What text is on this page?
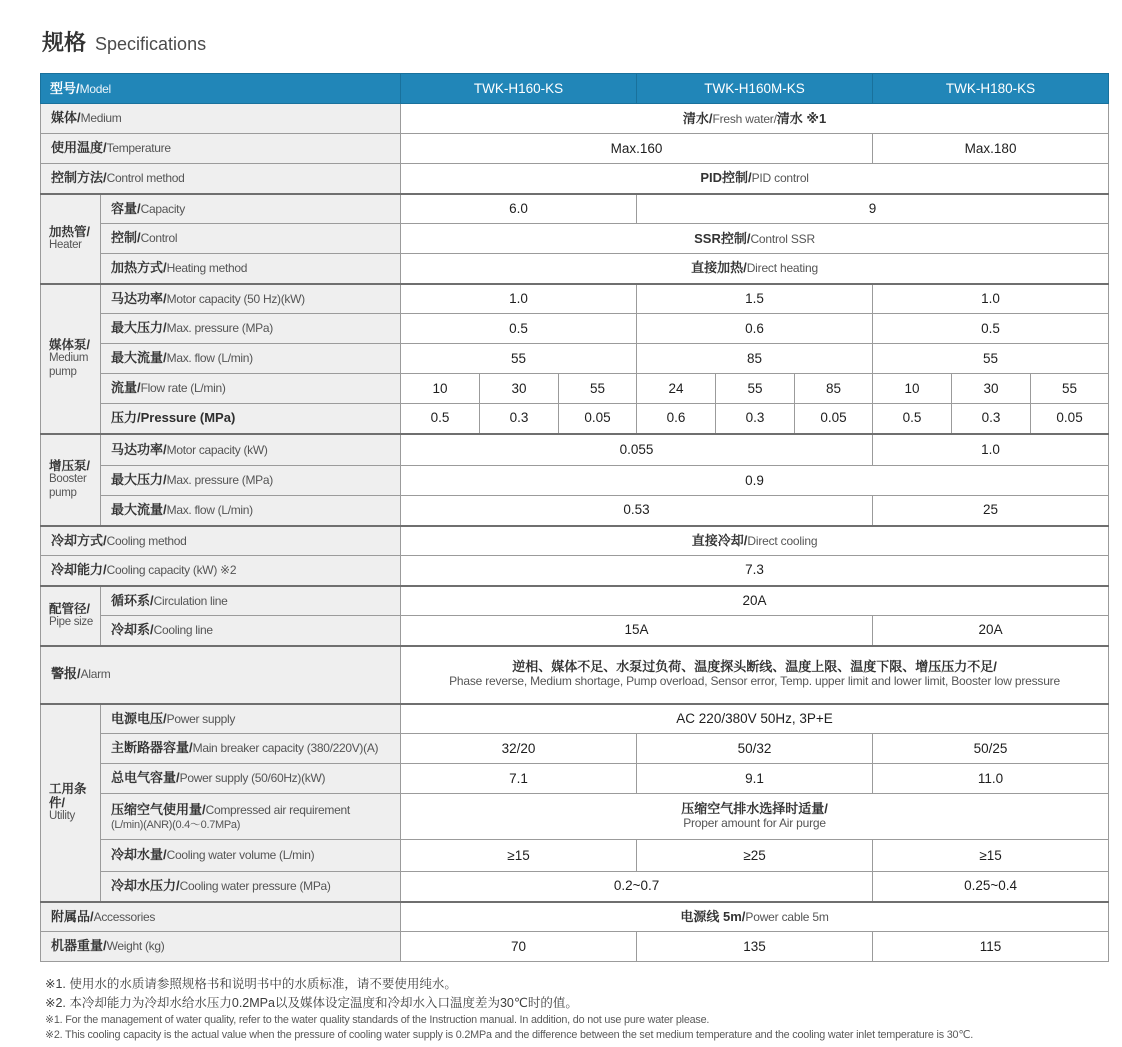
规格 Specifications
型号/Model		TWK-H160-KS			TWK-H160M-KS			TWK-H180-KS		
媒体/Medium		清水/Fresh water/清水 ※1								
使用温度/Temperature		Max.160						Max.180		
控制方法/Control method		PID控制/PID control								

加热管/
Heater	容量/Capacity	6.0			9					
	控制/Control	SSR控制/Control SSR								
	加热方式/Heating method	直接加热/Direct heating								

媒体泵/
Medium pump	马达功率/Motor capacity (50 Hz)(kW)	1.0			1.5			1.0		
	最大压力/Max. pressure (MPa)	0.5			0.6			0.5		
	最大流量/Max. flow (L/min)	55			85			55		
	流量/Flow rate (L/min)	10	30	55	24	55	85	10	30	55
	压力/Pressure (MPa)	0.5	0.3	0.05	0.6	0.3	0.05	0.5	0.3	0.05

增压泵/
Booster pump	马达功率/Motor capacity (kW)	0.055						1.0		
	最大压力/Max. pressure (MPa)	0.9								
	最大流量/Max. flow (L/min)	0.53						25		
冷却方式/Cooling method		直接冷却/Direct cooling								
冷却能力/Cooling capacity (kW) ※2		7.3								

配管径/
Pipe size	循环系/Circulation line	20A								
	冷却系/Cooling line	15A						20A		
警报/Alarm		逆相、媒体不足、水泵过负荷、温度探头断线、温度上限、温度下限、增压压力不足/
Phase reverse, Medium shortage, Pump overload, Sensor error, Temp. upper limit and lower limit, Booster low pressure								

工用条件/
Utility	电源电压/Power supply	AC 220/380V 50Hz, 3P+E								
	主断路器容量/Main breaker capacity (380/220V)(A)	32/20			50/32			50/25		
	总电气容量/Power supply (50/60Hz)(kW)	7.1			9.1			11.0		
	压缩空气使用量/Compressed air requirement
(L/min)(ANR)(0.4～0.7MPa)	压缩空气排水选择时适量/
Proper amount for Air purge								

	冷却水量/Cooling water volume (L/min)	≥15			≥25			≥15		
	冷却水压力/Cooling water pressure (MPa)	0.2~0.7						0.25~0.4		
附属品/Accessories		电源线 5m/Power cable 5m								
机器重量/Weight (kg)		70			135			115		
※1. 使用水的水质请参照规格书和说明书中的水质标准，请不要使用纯水。
※2. 本冷却能力为冷却水给水压力0.2MPa以及媒体设定温度和冷却水入口温度差为30℃时的值。
※1. For the management of water quality, refer to the water quality standards of the Instruction manual. In addition, do not use pure water please.
※2. This cooling capacity is the actual value when the pressure of cooling water supply is 0.2MPa and the difference between the set medium temperature and the cooling water inlet temperature is 30℃.
